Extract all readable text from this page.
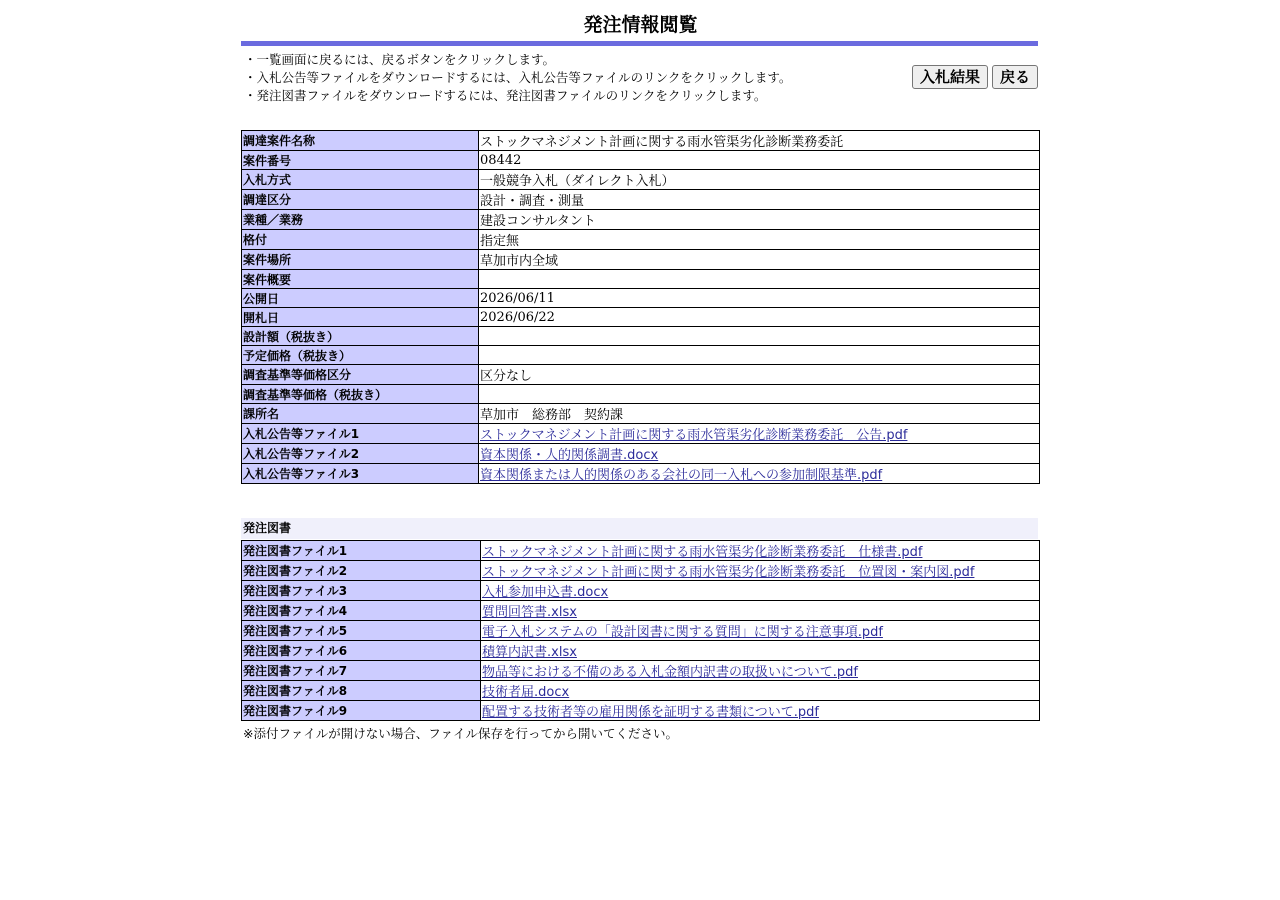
発注情報閲覧
・一覧画面に戻るには、戻るボタンをクリックします。
・入札公告等ファイルをダウンロードするには、入札公告等ファイルのリンクをクリックします。
・発注図書ファイルをダウンロードするには、発注図書ファイルのリンクをクリックします。
入札結果 戻る
調達案件名称	ストックマネジメント計画に関する雨水管渠劣化診断業務委託
案件番号	08442
入札方式	一般競争入札（ダイレクト入札）
調達区分	設計・調査・測量
業種／業務	建設コンサルタント
格付	指定無
案件場所	草加市内全域
案件概要	
公開日	2026/06/11
開札日	2026/06/22
設計額（税抜き）	
予定価格（税抜き）	
調査基準等価格区分	区分なし
調査基準等価格（税抜き）	
課所名	草加市　総務部　契約課
入札公告等ファイル1	ストックマネジメント計画に関する雨水管渠劣化診断業務委託　公告.pdf
入札公告等ファイル2	資本関係・人的関係調書.docx
入札公告等ファイル3	資本関係または人的関係のある会社の同一入札への参加制限基準.pdf
発注図書
発注図書ファイル1	ストックマネジメント計画に関する雨水管渠劣化診断業務委託　仕様書.pdf
発注図書ファイル2	ストックマネジメント計画に関する雨水管渠劣化診断業務委託　位置図・案内図.pdf
発注図書ファイル3	入札参加申込書.docx
発注図書ファイル4	質問回答書.xlsx
発注図書ファイル5	電子入札システムの「設計図書に関する質問」に関する注意事項.pdf
発注図書ファイル6	積算内訳書.xlsx
発注図書ファイル7	物品等における不備のある入札金額内訳書の取扱いについて.pdf
発注図書ファイル8	技術者届.docx
発注図書ファイル9	配置する技術者等の雇用関係を証明する書類について.pdf
※添付ファイルが開けない場合、ファイル保存を行ってから開いてください。
